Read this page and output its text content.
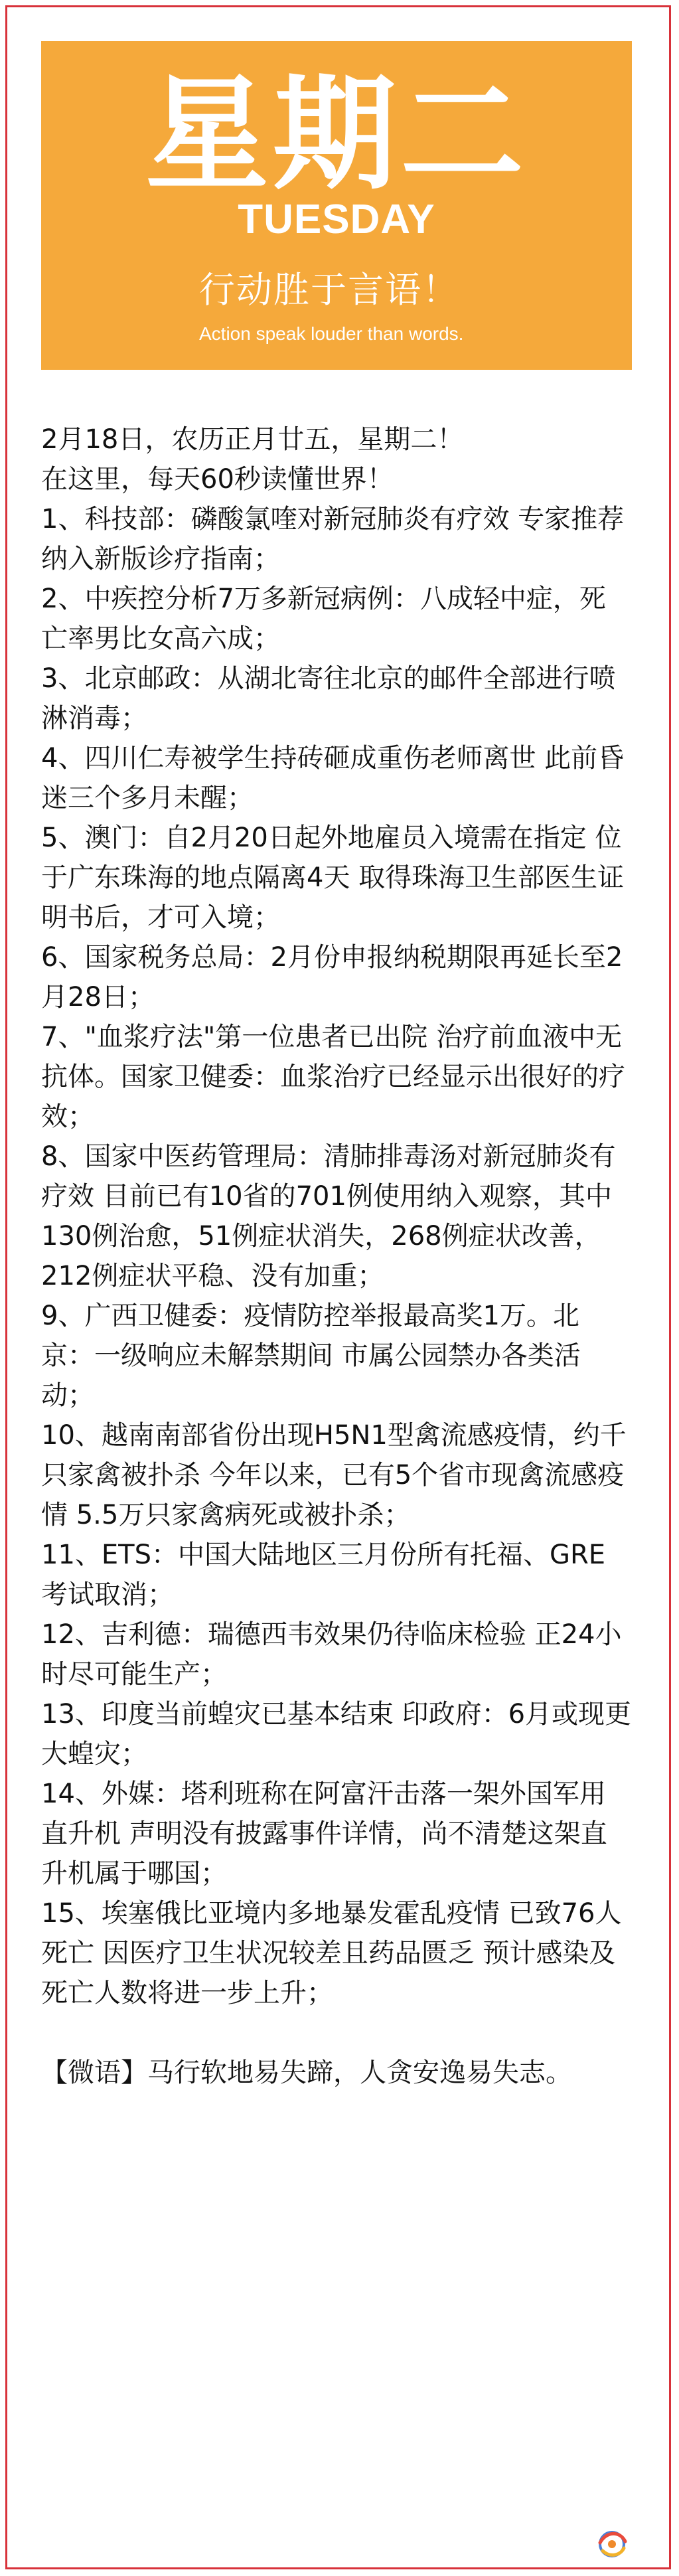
星期二
TUESDAY
行动胜于言语！
Action speak louder than words.

2月18日，农历正月廿五，星期二！

在这里，每天60秒读懂世界！

1、科技部：磷酸氯喹对新冠肺炎有疗效 专家推荐纳入新版诊疗指南；

2、中疾控分析7万多新冠病例：八成轻中症，死亡率男比女高六成；

3、北京邮政：从湖北寄往北京的邮件全部进行喷淋消毒；

4、四川仁寿被学生持砖砸成重伤老师离世 此前昏迷三个多月未醒；

5、澳门：自2月20日起外地雇员入境需在指定 位于广东珠海的地点隔离4天 取得珠海卫生部医生证明书后，才可入境；

6、国家税务总局：2月份申报纳税期限再延长至2月28日；

7、"血浆疗法"第一位患者已出院 治疗前血液中无抗体。国家卫健委：血浆治疗已经显示出很好的疗效；

8、国家中医药管理局：清肺排毒汤对新冠肺炎有疗效 目前已有10省的701例使用纳入观察，其中130例治愈，51例症状消失，268例症状改善，212例症状平稳、没有加重；

9、广西卫健委：疫情防控举报最高奖1万。北京：一级响应未解禁期间 市属公园禁办各类活动；

10、越南南部省份出现H5N1型禽流感疫情，约千只家禽被扑杀 今年以来，已有5个省市现禽流感疫情 5.5万只家禽病死或被扑杀；

11、ETS：中国大陆地区三月份所有托福、GRE考试取消；

12、吉利德：瑞德西韦效果仍待临床检验 正24小时尽可能生产；

13、印度当前蝗灾已基本结束 印政府：6月或现更大蝗灾；

14、外媒：塔利班称在阿富汗击落一架外国军用直升机 声明没有披露事件详情，尚不清楚这架直升机属于哪国；

15、埃塞俄比亚境内多地暴发霍乱疫情 已致76人死亡 因医疗卫生状况较差且药品匮乏 预计感染及死亡人数将进一步上升；

【微语】马行软地易失蹄，人贪安逸易失志。
